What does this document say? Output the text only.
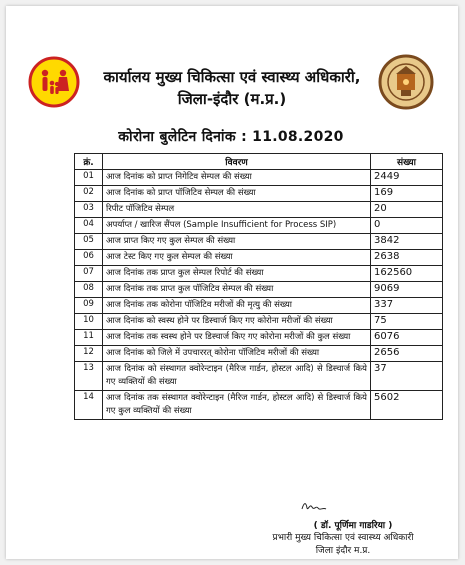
कार्यालय मुख्य चिकित्सा एवं स्वास्थ्य अधिकारी,
जिला-इंदौर (म.प्र.)
कोरोना बुलेटिन दिनांक : 11.08.2020
क्रं.	विवरण	संख्या
01	आज दिनांक को प्राप्त निगेटिव सेम्पल की संख्या	2449
02	आज दिनांक को प्राप्त पॉजिटिव सेम्पल की संख्या	169
03	रिपीट पॉजिटिव सेम्पल	20
04	अपर्याप्त / खारिज सैंपल (Sample Insufficient for Process SIP)	0
05	आज प्राप्त किए गए कुल सेम्पल की संख्या	3842
06	आज टेस्ट किए गए कुल सेम्पल की संख्या	2638
07	आज दिनांक तक प्राप्त कुल सेम्पल रिपोर्ट की संख्या	162560
08	आज दिनांक तक प्राप्त कुल पॉजिटिव सेम्पल की संख्या	9069
09	आज दिनांक तक कोरोना पॉजिटिव मरीजों की मृत्यु की संख्या	337
10	आज दिनांक को स्वस्थ होने पर डिस्चार्ज किए गए कोरोना मरीजों की संख्या	75
11	आज दिनांक तक स्वस्थ होने पर डिस्चार्ज किए गए कोरोना मरीजों की कुल संख्या	6076
12	आज दिनांक को जिले में उपचाररत् कोरोना पॉजिटिव मरीजों की संख्या	2656
13	आज दिनांक को संस्थागत क्वोरेन्टाइन (मैरिज गार्डन, होस्टल आदि) से डिस्चार्ज किये गए व्यक्तियों की संख्या	37
14	आज दिनांक तक संस्थागत क्वोरेन्टाइन (मैरिज गार्डन, होस्टल आदि) से डिस्चार्ज किये गए कुल व्यक्तियों की संख्या	5602
( डॉ. पूर्णिमा गाडरिया )
प्रभारी मुख्य चिकित्सा एवं स्वास्थ्य अधिकारी
जिला इंदौर म.प्र.
